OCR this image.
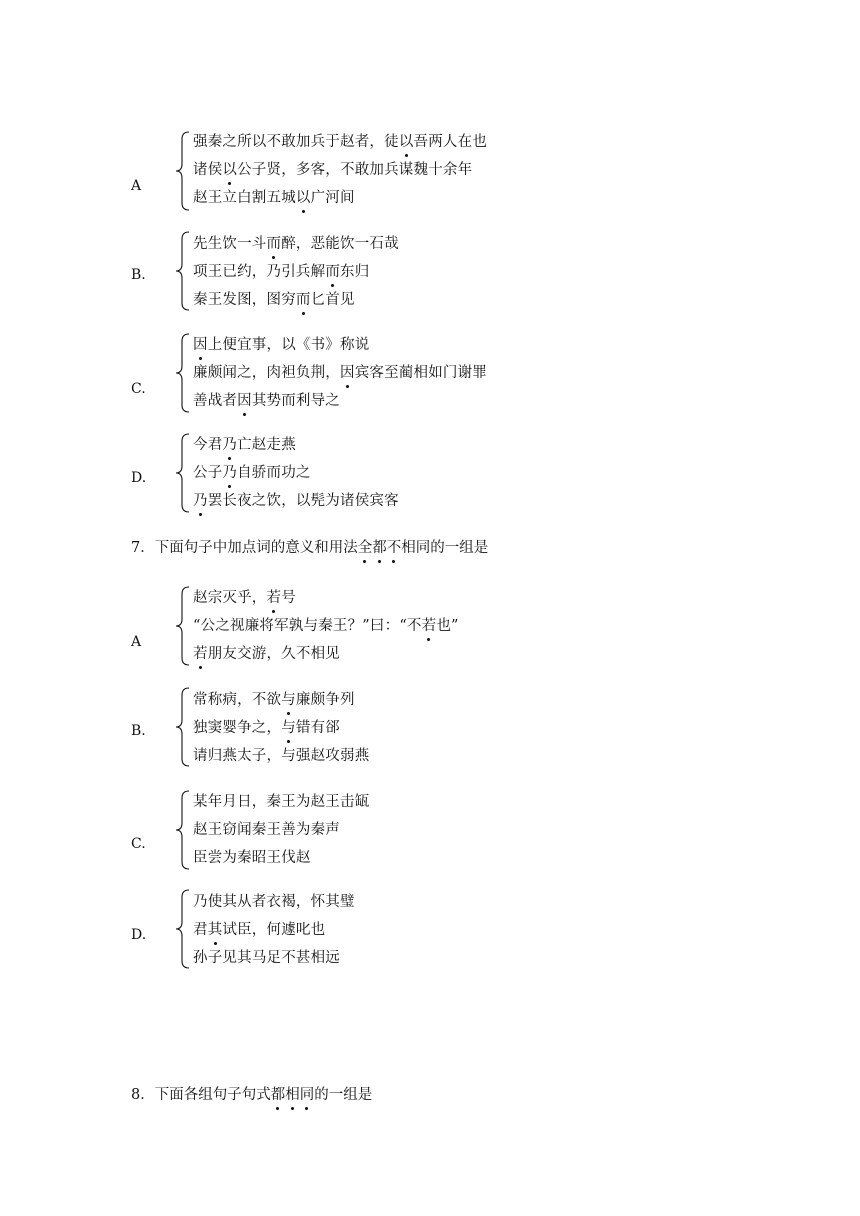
A
强秦之所以不敢加兵于赵者，徒以吾两人在也
诸侯以公子贤，多客，不敢加兵谋魏十余年
赵王立白割五城以广河间
B.
先生饮一斗而醉，恶能饮一石哉
项王已约，乃引兵解而东归
秦王发图，图穷而匕首见
C.
因上便宜事，以《书》称说
廉颇闻之，肉袒负荆，因宾客至蔺相如门谢罪
善战者因其势而利导之
D.
今君乃亡赵走燕
公子乃自骄而功之
乃罢长夜之饮，以髡为诸侯宾客
7．下面句子中加点词的意义和用法全都不相同的一组是
A
赵宗灭乎，若号
“公之视廉将军孰与秦王？”曰：“不若也”
若朋友交游，久不相见
B.
常称病，不欲与廉颇争列
独窦婴争之，与错有郤
请归燕太子，与强赵攻弱燕
C.
某年月日，秦王为赵王击缻
赵王窃闻秦王善为秦声
臣尝为秦昭王伐赵
D.
乃使其从者衣褐，怀其璧
君其试臣，何遽叱也
孙子见其马足不甚相远
8．下面各组句子句式都相同的一组是
